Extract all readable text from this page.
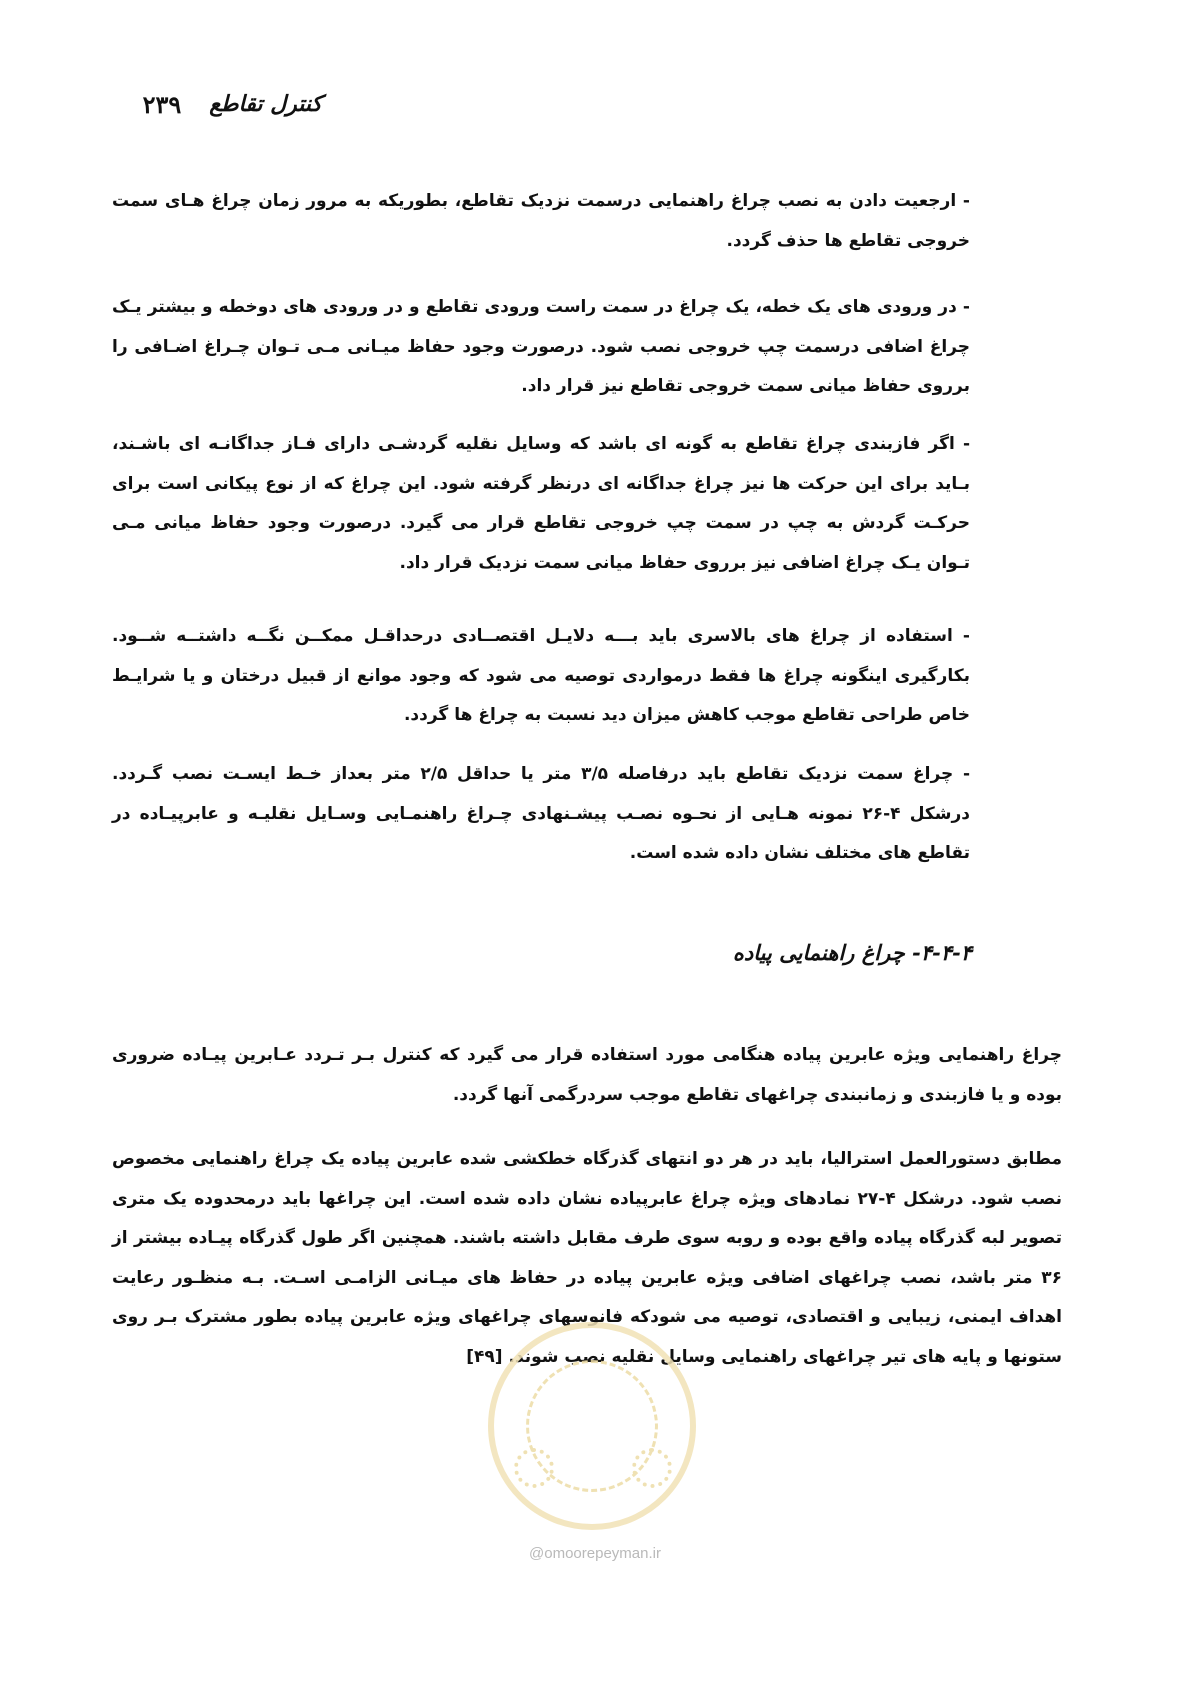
کنترل تقاطع
۲۳۹

- ارجعیت دادن به نصب چراغ راهنمایی درسمت نزدیک تقاطع، بطوریکه به مرور زمان چراغ هـای سمت خروجی تقاطع ها حذف گردد.

- در ورودی های یک خطه، یک چراغ در سمت راست ورودی تقاطع و در ورودی های دوخطه و بیشتر یـک چراغ اضافی درسمت چپ خروجی نصب شود. درصورت وجود حفاظ میـانی مـی تـوان چـراغ اضـافی را برروی حفاظ میانی سمت خروجی تقاطع نیز قرار داد.

- اگر فازبندی چراغ تقاطع به گونه ای باشد که وسایل نقلیه گردشـی دارای فـاز جداگانـه ای باشـند، بـاید برای این حرکت ها نیز چراغ جداگانه ای درنظر گرفته شود. این چراغ که از نوع پیکانی است برای حرکـت گردش به چپ در سمت چپ خروجی تقاطع قرار می گیرد. درصورت وجود حفاظ میانی مـی تـوان یـک چراغ اضافی نیز برروی حفاظ میانی سمت نزدیک قرار داد.

- استفاده از چراغ های بالاسری باید بـــه دلایـل اقتصــادی درحداقـل ممکــن نگــه داشتــه شــود. بکارگیری اینگونه چراغ ها فقط درمواردی توصیه می شود که وجود موانع از قبیل درختان و یا شرایـط خاص طراحی تقاطع موجب کاهش میزان دید نسبت به چراغ ها گردد.

- چراغ سمت نزدیک تقاطع باید درفاصله ۳/۵ متر یا حداقل ۲/۵ متر بعداز خـط ایسـت نصب گـردد. درشکل ۴-۲۶ نمونه هـایی از نحـوه نصـب پیشـنهادی چـراغ راهنمـایی وسـایل نقلیـه و عابرپیـاده در تقاطع های مختلف نشان داده شده است.

۴-۴-۴- چراغ راهنمایی پیاده

چراغ راهنمایی ویژه عابرین پیاده هنگامی مورد استفاده قرار می گیرد که کنترل بـر تـردد عـابرین پیـاده ضروری بوده و یا فازبندی و زمانبندی چراغهای تقاطع موجب سردرگمی آنها گردد.

مطابق دستورالعمل استرالیا، باید در هر دو انتهای گذرگاه خطکشی شده عابرین پیاده یک چراغ راهنمایی مخصوص نصب شود. درشکل ۴-۲۷ نمادهای ویژه چراغ عابرپیاده نشان داده شده است. این چراغها باید درمحدوده یک متری تصویر لبه گذرگاه پیاده واقع بوده و روبه سوی طرف مقابل داشته باشند. همچنین اگر طول گذرگاه پیـاده بیشتر از ۳۶ متر باشد، نصب چراغهای اضافی ویژه عابرین پیاده در حفاظ های میـانی الزامـی اسـت. بـه منظـور رعایت اهداف ایمنی، زیبایی و اقتصادی، توصیه می شودکه فانوسهای چراغهای ویژه عابرین پیاده بطور مشترک بـر روی ستونها و پایه های تیر چراغهای راهنمایی وسایل نقلیه نصب شوند. [۴۹]

@omoorepeyman.ir
